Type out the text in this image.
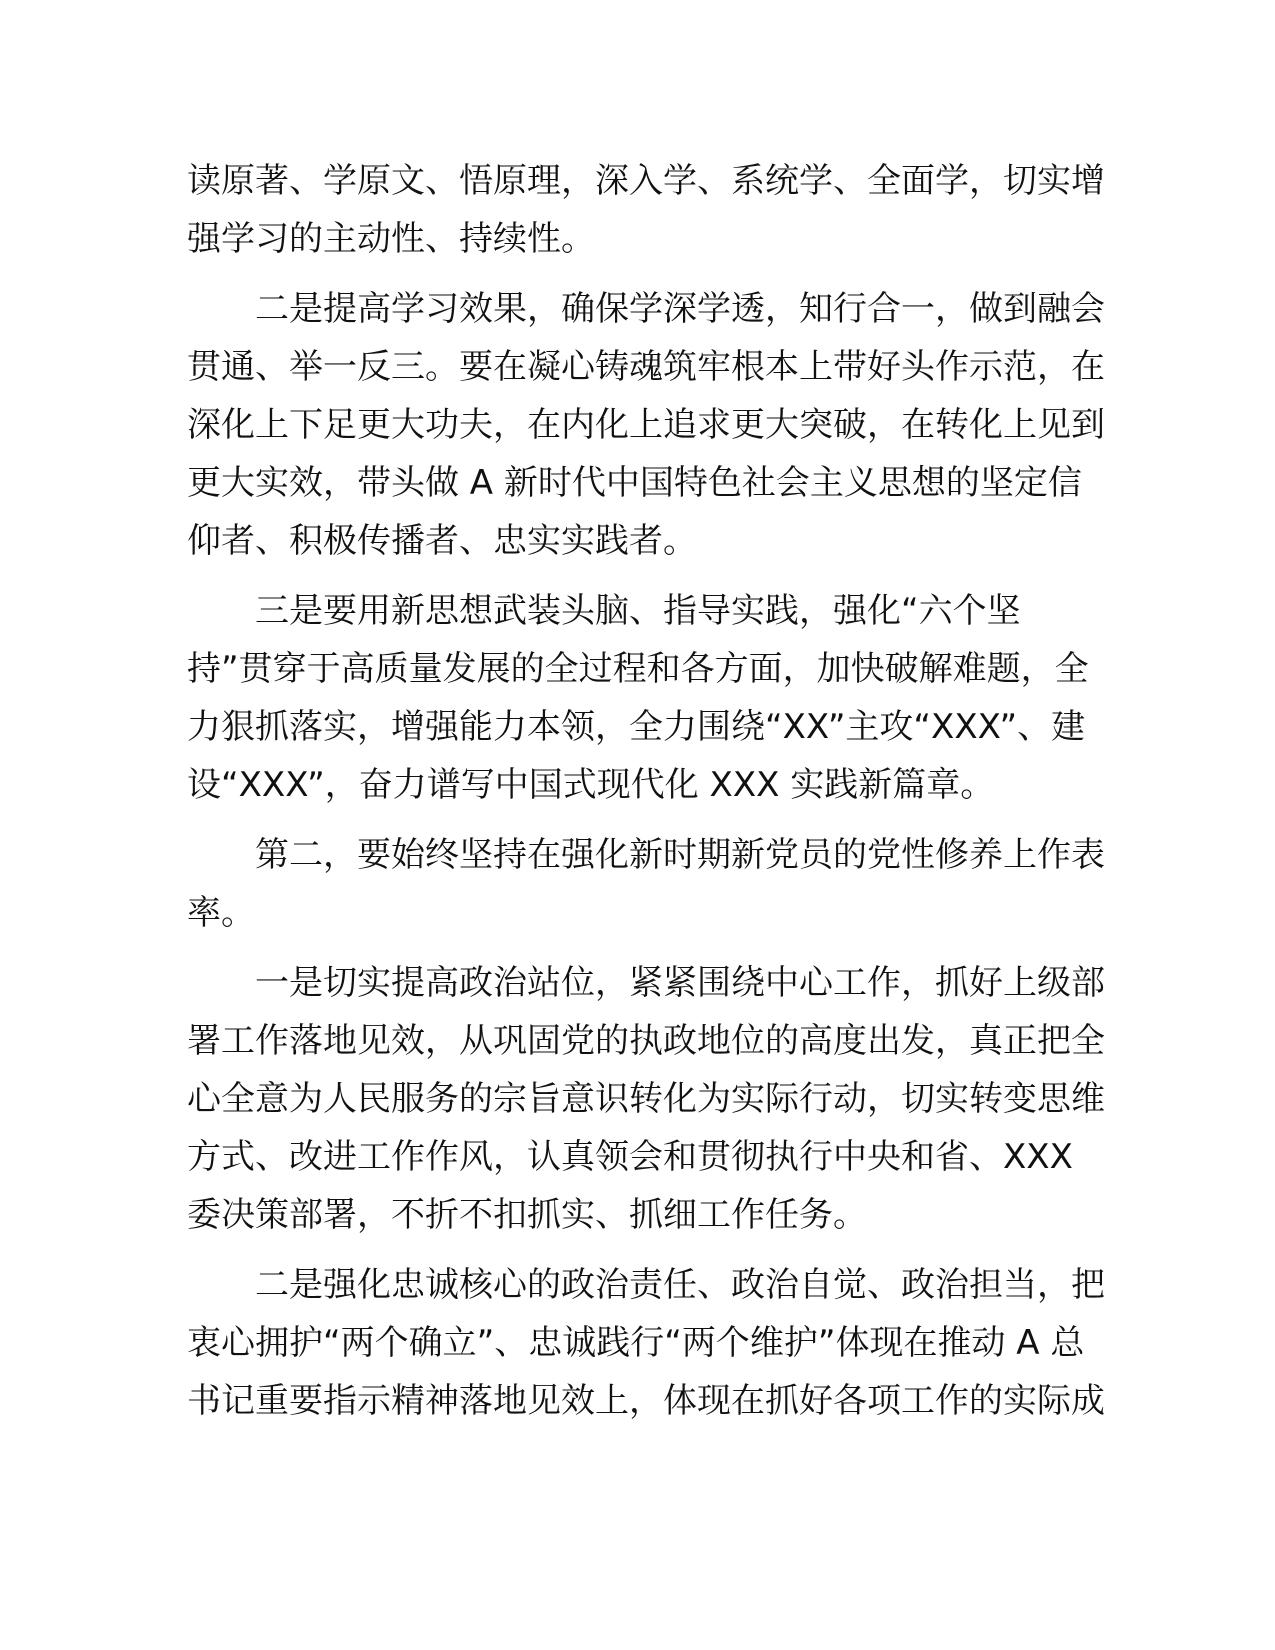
读原著、学原文、悟原理，深入学、系统学、全面学，切实增
强学习的主动性、持续性。

二是提高学习效果，确保学深学透，知行合一，做到融会
贯通、举一反三。要在凝心铸魂筑牢根本上带好头作示范，在
深化上下足更大功夫，在内化上追求更大突破，在转化上见到
更大实效，带头做 A 新时代中国特色社会主义思想的坚定信
仰者、积极传播者、忠实实践者。

三是要用新思想武装头脑、指导实践，强化“六个坚
持”贯穿于高质量发展的全过程和各方面，加快破解难题，全
力狠抓落实，增强能力本领，全力围绕“XX”主攻“XXX”、建
设“XXX”，奋力谱写中国式现代化 XXX 实践新篇章。

第二，要始终坚持在强化新时期新党员的党性修养上作表
率。

一是切实提高政治站位，紧紧围绕中心工作，抓好上级部
署工作落地见效，从巩固党的执政地位的高度出发，真正把全
心全意为人民服务的宗旨意识转化为实际行动，切实转变思维
方式、改进工作作风，认真领会和贯彻执行中央和省、XXX
委决策部署，不折不扣抓实、抓细工作任务。

二是强化忠诚核心的政治责任、政治自觉、政治担当，把
衷心拥护“两个确立”、忠诚践行“两个维护”体现在推动 A 总
书记重要指示精神落地见效上，体现在抓好各项工作的实际成
